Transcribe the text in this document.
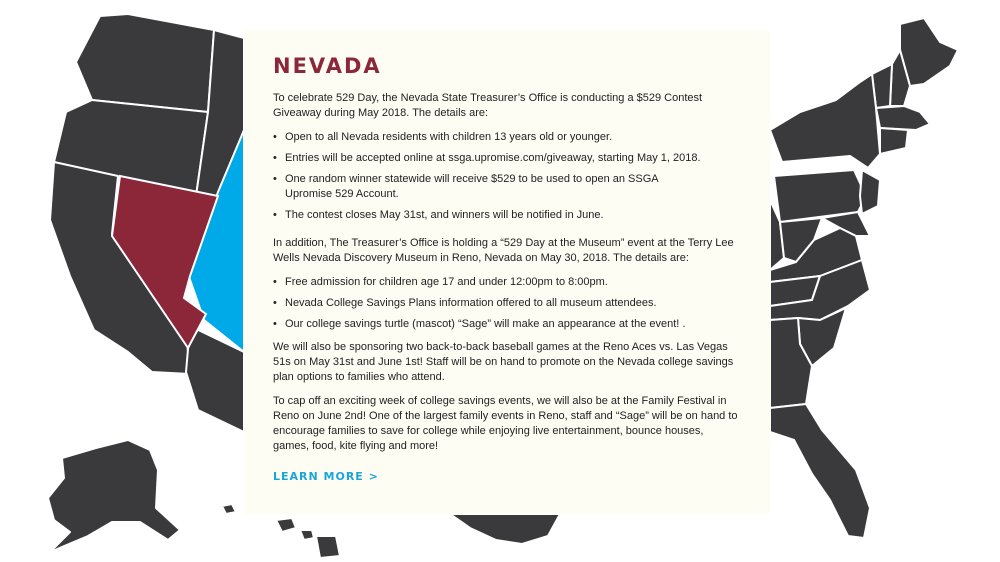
NEVADA

To celebrate 529 Day, the Nevada State Treasurer’s Office is conducting a $529 Contest Giveaway during May 2018. The details are:

• Open to all Nevada residents with children 13 years old or younger.
• Entries will be accepted online at ssga.upromise.com/giveaway, starting May 1, 2018.
• One random winner statewide will receive $529 to be used to open an SSGA Upromise 529 Account.
• The contest closes May 31st, and winners will be notified in June.

In addition, The Treasurer’s Office is holding a “529 Day at the Museum” event at the Terry Lee Wells Nevada Discovery Museum in Reno, Nevada on May 30, 2018. The details are:

• Free admission for children age 17 and under 12:00pm to 8:00pm.
• Nevada College Savings Plans information offered to all museum attendees.
• Our college savings turtle (mascot) “Sage” will make an appearance at the event! .

We will also be sponsoring two back-to-back baseball games at the Reno Aces vs. Las Vegas 51s on May 31st and June 1st! Staff will be on hand to promote on the Nevada college savings plan options to families who attend.

To cap off an exciting week of college savings events, we will also be at the Family Festival in Reno on June 2nd! One of the largest family events in Reno, staff and “Sage” will be on hand to encourage families to save for college while enjoying live entertainment, bounce houses, games, food, kite flying and more!

LEARN MORE >
